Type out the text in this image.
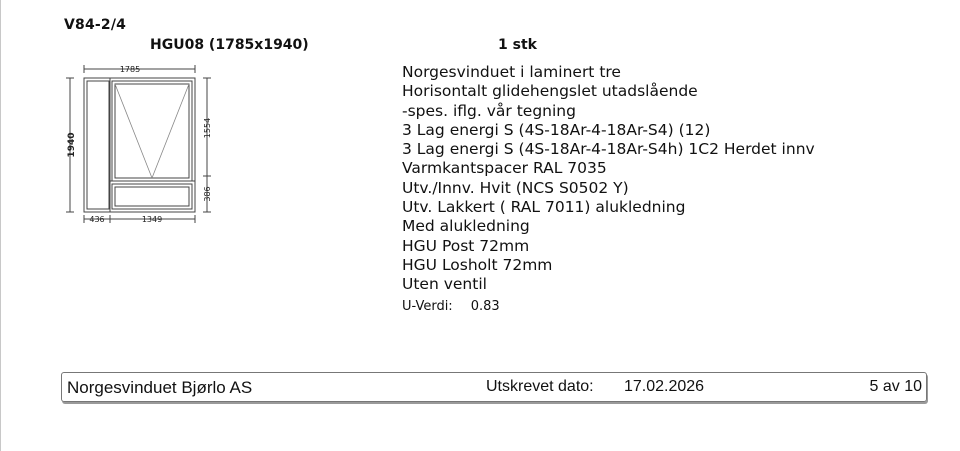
V84-2/4
HGU08 (1785x1940)	1 stk
1785
1940
1554
386
436	1349
Norgesvinduet i laminert tre
Horisontalt glidehengslet utadslående
-spes. iflg. vår tegning
3 Lag energi S (4S-18Ar-4-18Ar-S4) (12)
3 Lag energi S (4S-18Ar-4-18Ar-S4h) 1C2 Herdet innv
Varmkantspacer RAL 7035
Utv./Innv. Hvit (NCS S0502 Y)
Utv. Lakkert ( RAL 7011) alukledning
Med alukledning
HGU Post 72mm
HGU Losholt 72mm
Uten ventil
U-Verdi: 0.83
Norgesvinduet Bjørlo AS	Utskrevet dato: 17.02.2026	5 av 10
